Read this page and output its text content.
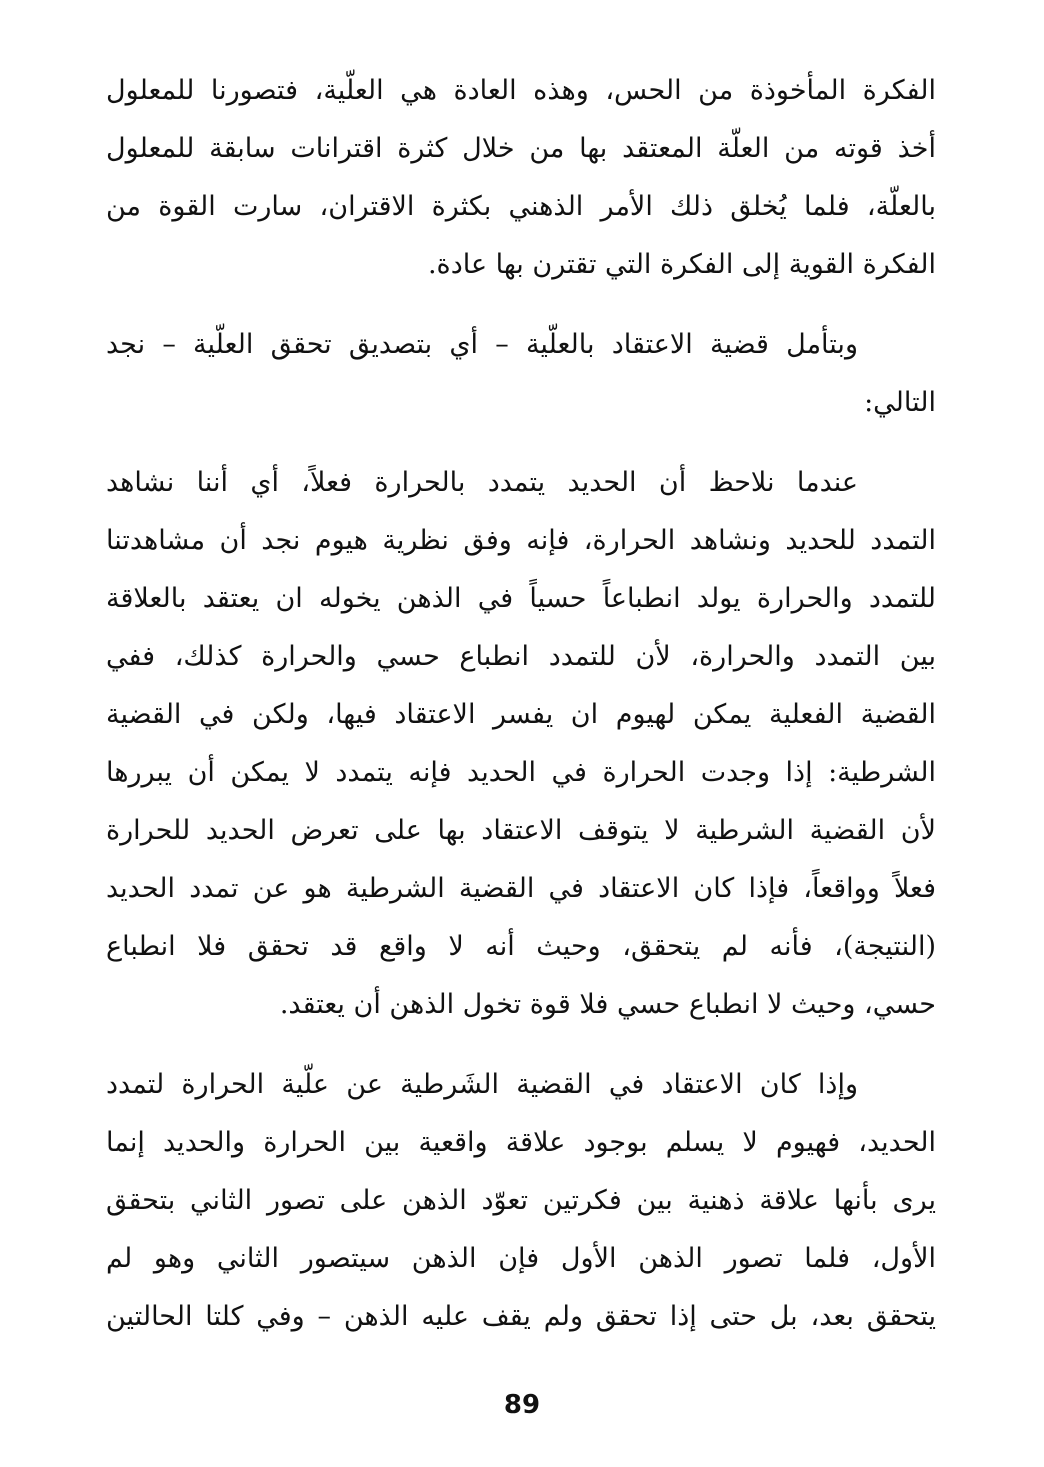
الفكرة المأخوذة من الحس، وهذه العادة هي العلّية، فتصورنا للمعلول
أخذ قوته من العلّة المعتقد بها من خلال كثرة اقترانات سابقة للمعلول
بالعلّة، فلما يُخلق ذلك الأمر الذهني بكثرة الاقتران، سارت القوة من
الفكرة القوية إلى الفكرة التي تقترن بها عادة.
وبتأمل قضية الاعتقاد بالعلّية – أي بتصديق تحقق العلّية – نجد
التالي:
عندما نلاحظ أن الحديد يتمدد بالحرارة فعلاً، أي أننا نشاهد
التمدد للحديد ونشاهد الحرارة، فإنه وفق نظرية هيوم نجد أن مشاهدتنا
للتمدد والحرارة يولد انطباعاً حسياً في الذهن يخوله ان يعتقد بالعلاقة
بين التمدد والحرارة، لأن للتمدد انطباع حسي والحرارة كذلك، ففي
القضية الفعلية يمكن لهيوم ان يفسر الاعتقاد فيها، ولكن في القضية
الشرطية: إذا وجدت الحرارة في الحديد فإنه يتمدد لا يمكن أن يبررها
لأن القضية الشرطية لا يتوقف الاعتقاد بها على تعرض الحديد للحرارة
فعلاً وواقعاً، فإذا كان الاعتقاد في القضية الشرطية هو عن تمدد الحديد
(النتيجة)، فأنه لم يتحقق، وحيث أنه لا واقع قد تحقق فلا انطباع
حسي، وحيث لا انطباع حسي فلا قوة تخول الذهن أن يعتقد.
وإذا كان الاعتقاد في القضية الشَرطية عن علّية الحرارة لتمدد
الحديد، فهيوم لا يسلم بوجود علاقة واقعية بين الحرارة والحديد إنما
يرى بأنها علاقة ذهنية بين فكرتين تعوّد الذهن على تصور الثاني بتحقق
الأول، فلما تصور الذهن الأول فإن الذهن سيتصور الثاني وهو لم
يتحقق بعد، بل حتى إذا تحقق ولم يقف عليه الذهن – وفي كلتا الحالتين
89
